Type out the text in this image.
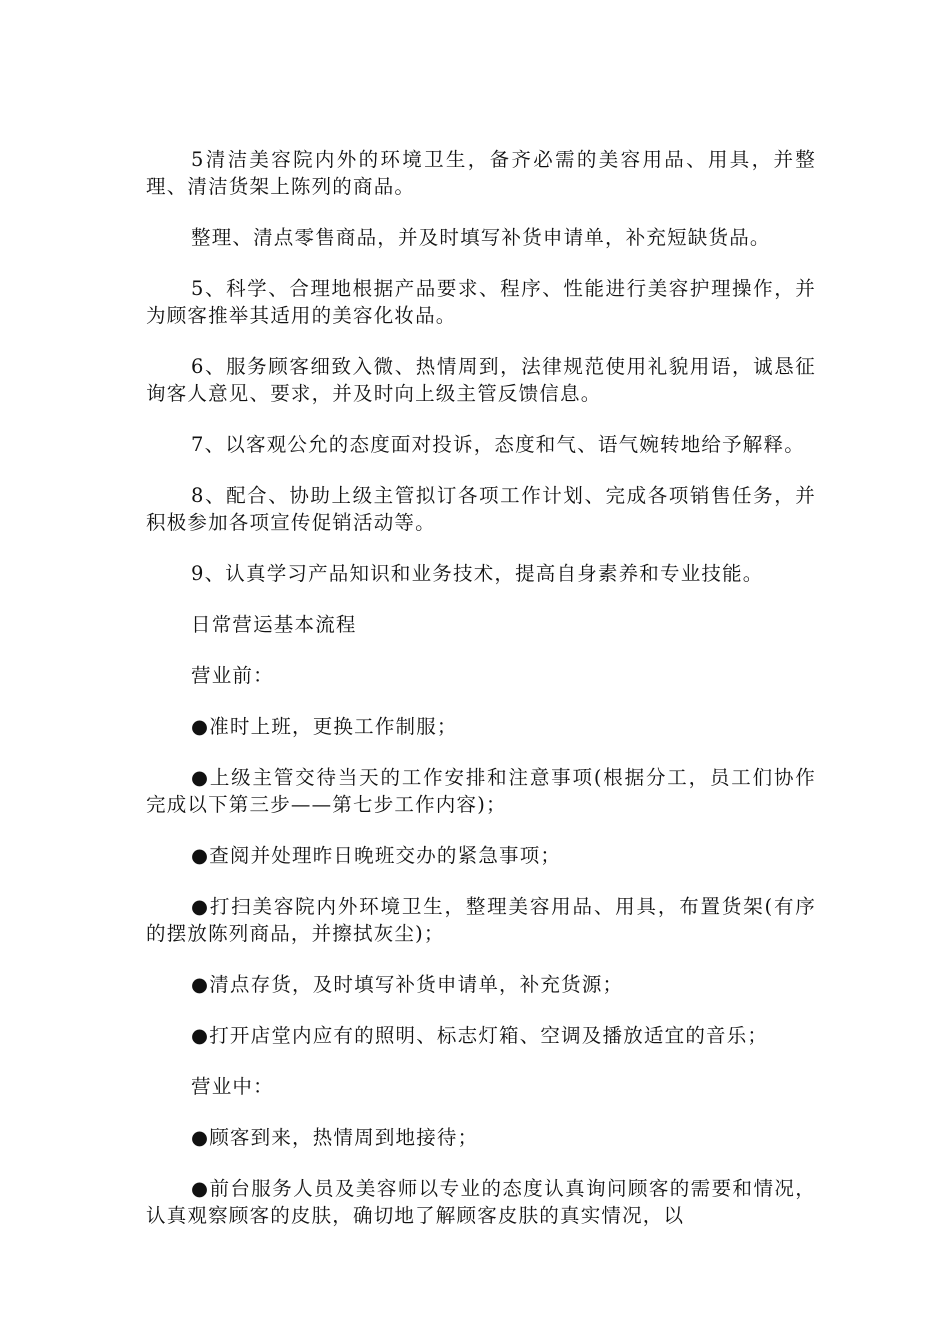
5清洁美容院内外的环境卫生，备齐必需的美容用品、用具，并整理、清洁货架上陈列的商品。

整理、清点零售商品，并及时填写补货申请单，补充短缺货品。

5、科学、合理地根据产品要求、程序、性能进行美容护理操作，并为顾客推举其适用的美容化妆品。

6、服务顾客细致入微、热情周到，法律规范使用礼貌用语，诚恳征询客人意见、要求，并及时向上级主管反馈信息。

7、以客观公允的态度面对投诉，态度和气、语气婉转地给予解释。

8、配合、协助上级主管拟订各项工作计划、完成各项销售任务，并积极参加各项宣传促销活动等。

9、认真学习产品知识和业务技术，提高自身素养和专业技能。

日常营运基本流程

营业前：

●准时上班，更换工作制服；

●上级主管交待当天的工作安排和注意事项(根据分工，员工们协作完成以下第三步——第七步工作内容)；

●查阅并处理昨日晚班交办的紧急事项；

●打扫美容院内外环境卫生，整理美容用品、用具，布置货架(有序的摆放陈列商品，并擦拭灰尘)；

●清点存货，及时填写补货申请单，补充货源；

●打开店堂内应有的照明、标志灯箱、空调及播放适宜的音乐；

营业中：

●顾客到来，热情周到地接待；

●前台服务人员及美容师以专业的态度认真询问顾客的需要和情况，认真观察顾客的皮肤，确切地了解顾客皮肤的真实情况，以
